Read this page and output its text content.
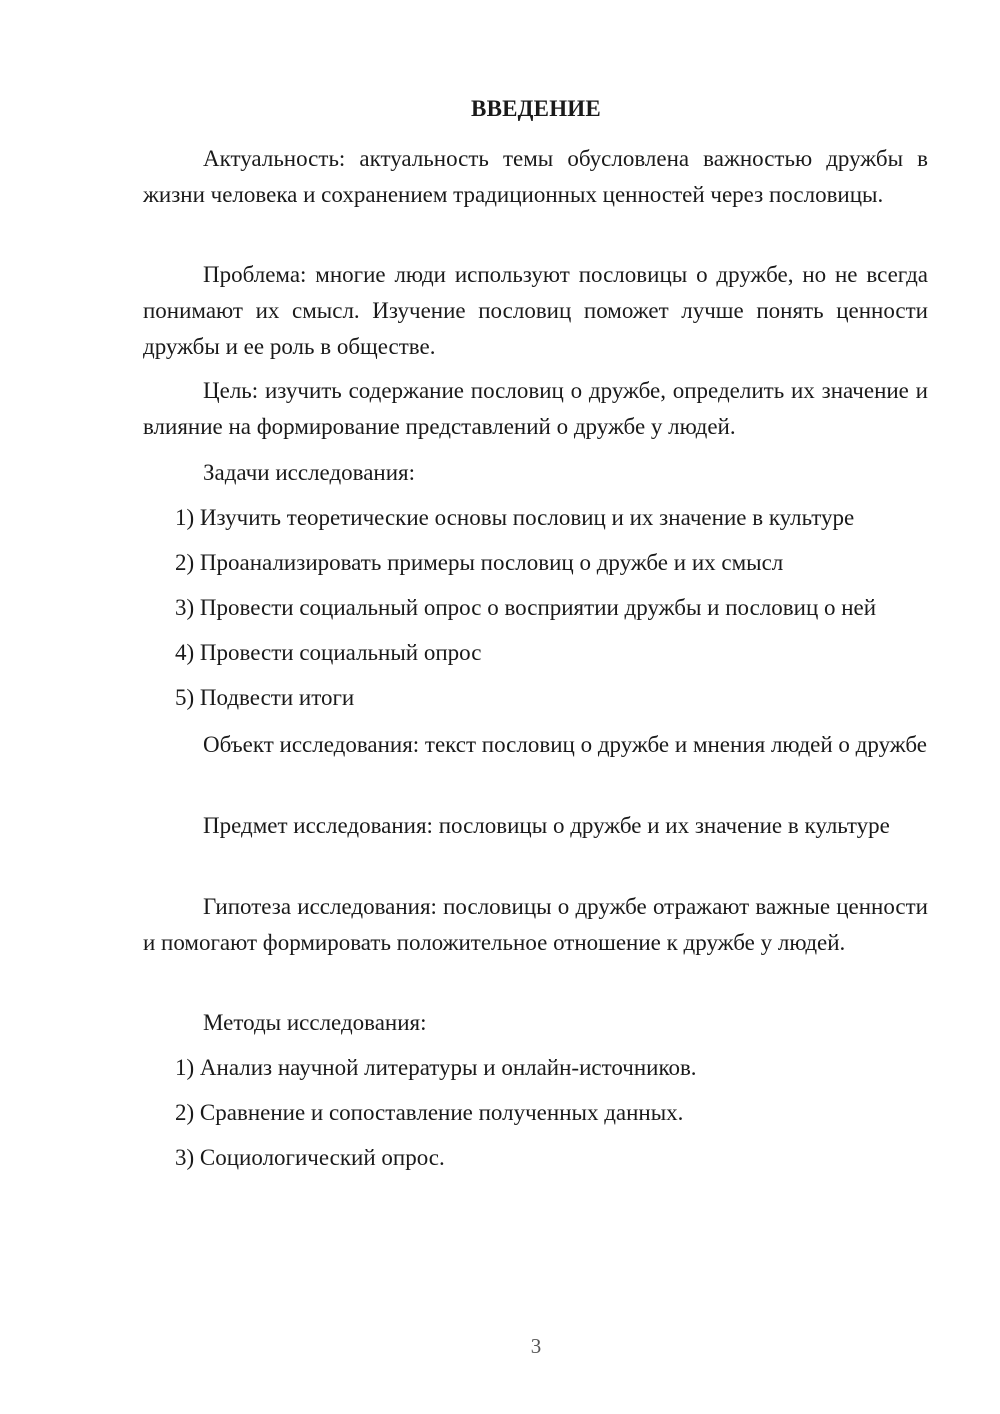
ВВЕДЕНИЕ

Актуальность: актуальность темы обусловлена важностью дружбы в жизни человека и сохранением традиционных ценностей через пословицы.

Проблема: многие люди используют пословицы о дружбе, но не всегда понимают их смысл. Изучение пословиц поможет лучше понять ценности дружбы и ее роль в обществе.

Цель: изучить содержание пословиц о дружбе, определить их значение и влияние на формирование представлений о дружбе у людей.

Задачи исследования:

1) Изучить теоретические основы пословиц и их значение в культуре

2) Проанализировать примеры пословиц о дружбе и их смысл

3) Провести социальный опрос о восприятии дружбы и пословиц о ней

4) Провести социальный опрос

5) Подвести итоги

Объект исследования: текст пословиц о дружбе и мнения людей о дружбе

Предмет исследования: пословицы о дружбе и их значение в культуре

Гипотеза исследования: пословицы о дружбе отражают важные ценности и помогают формировать положительное отношение к дружбе у людей.

Методы исследования:

1) Анализ научной литературы и онлайн-источников.

2) Сравнение и сопоставление полученных данных.

3) Социологический опрос.

3
